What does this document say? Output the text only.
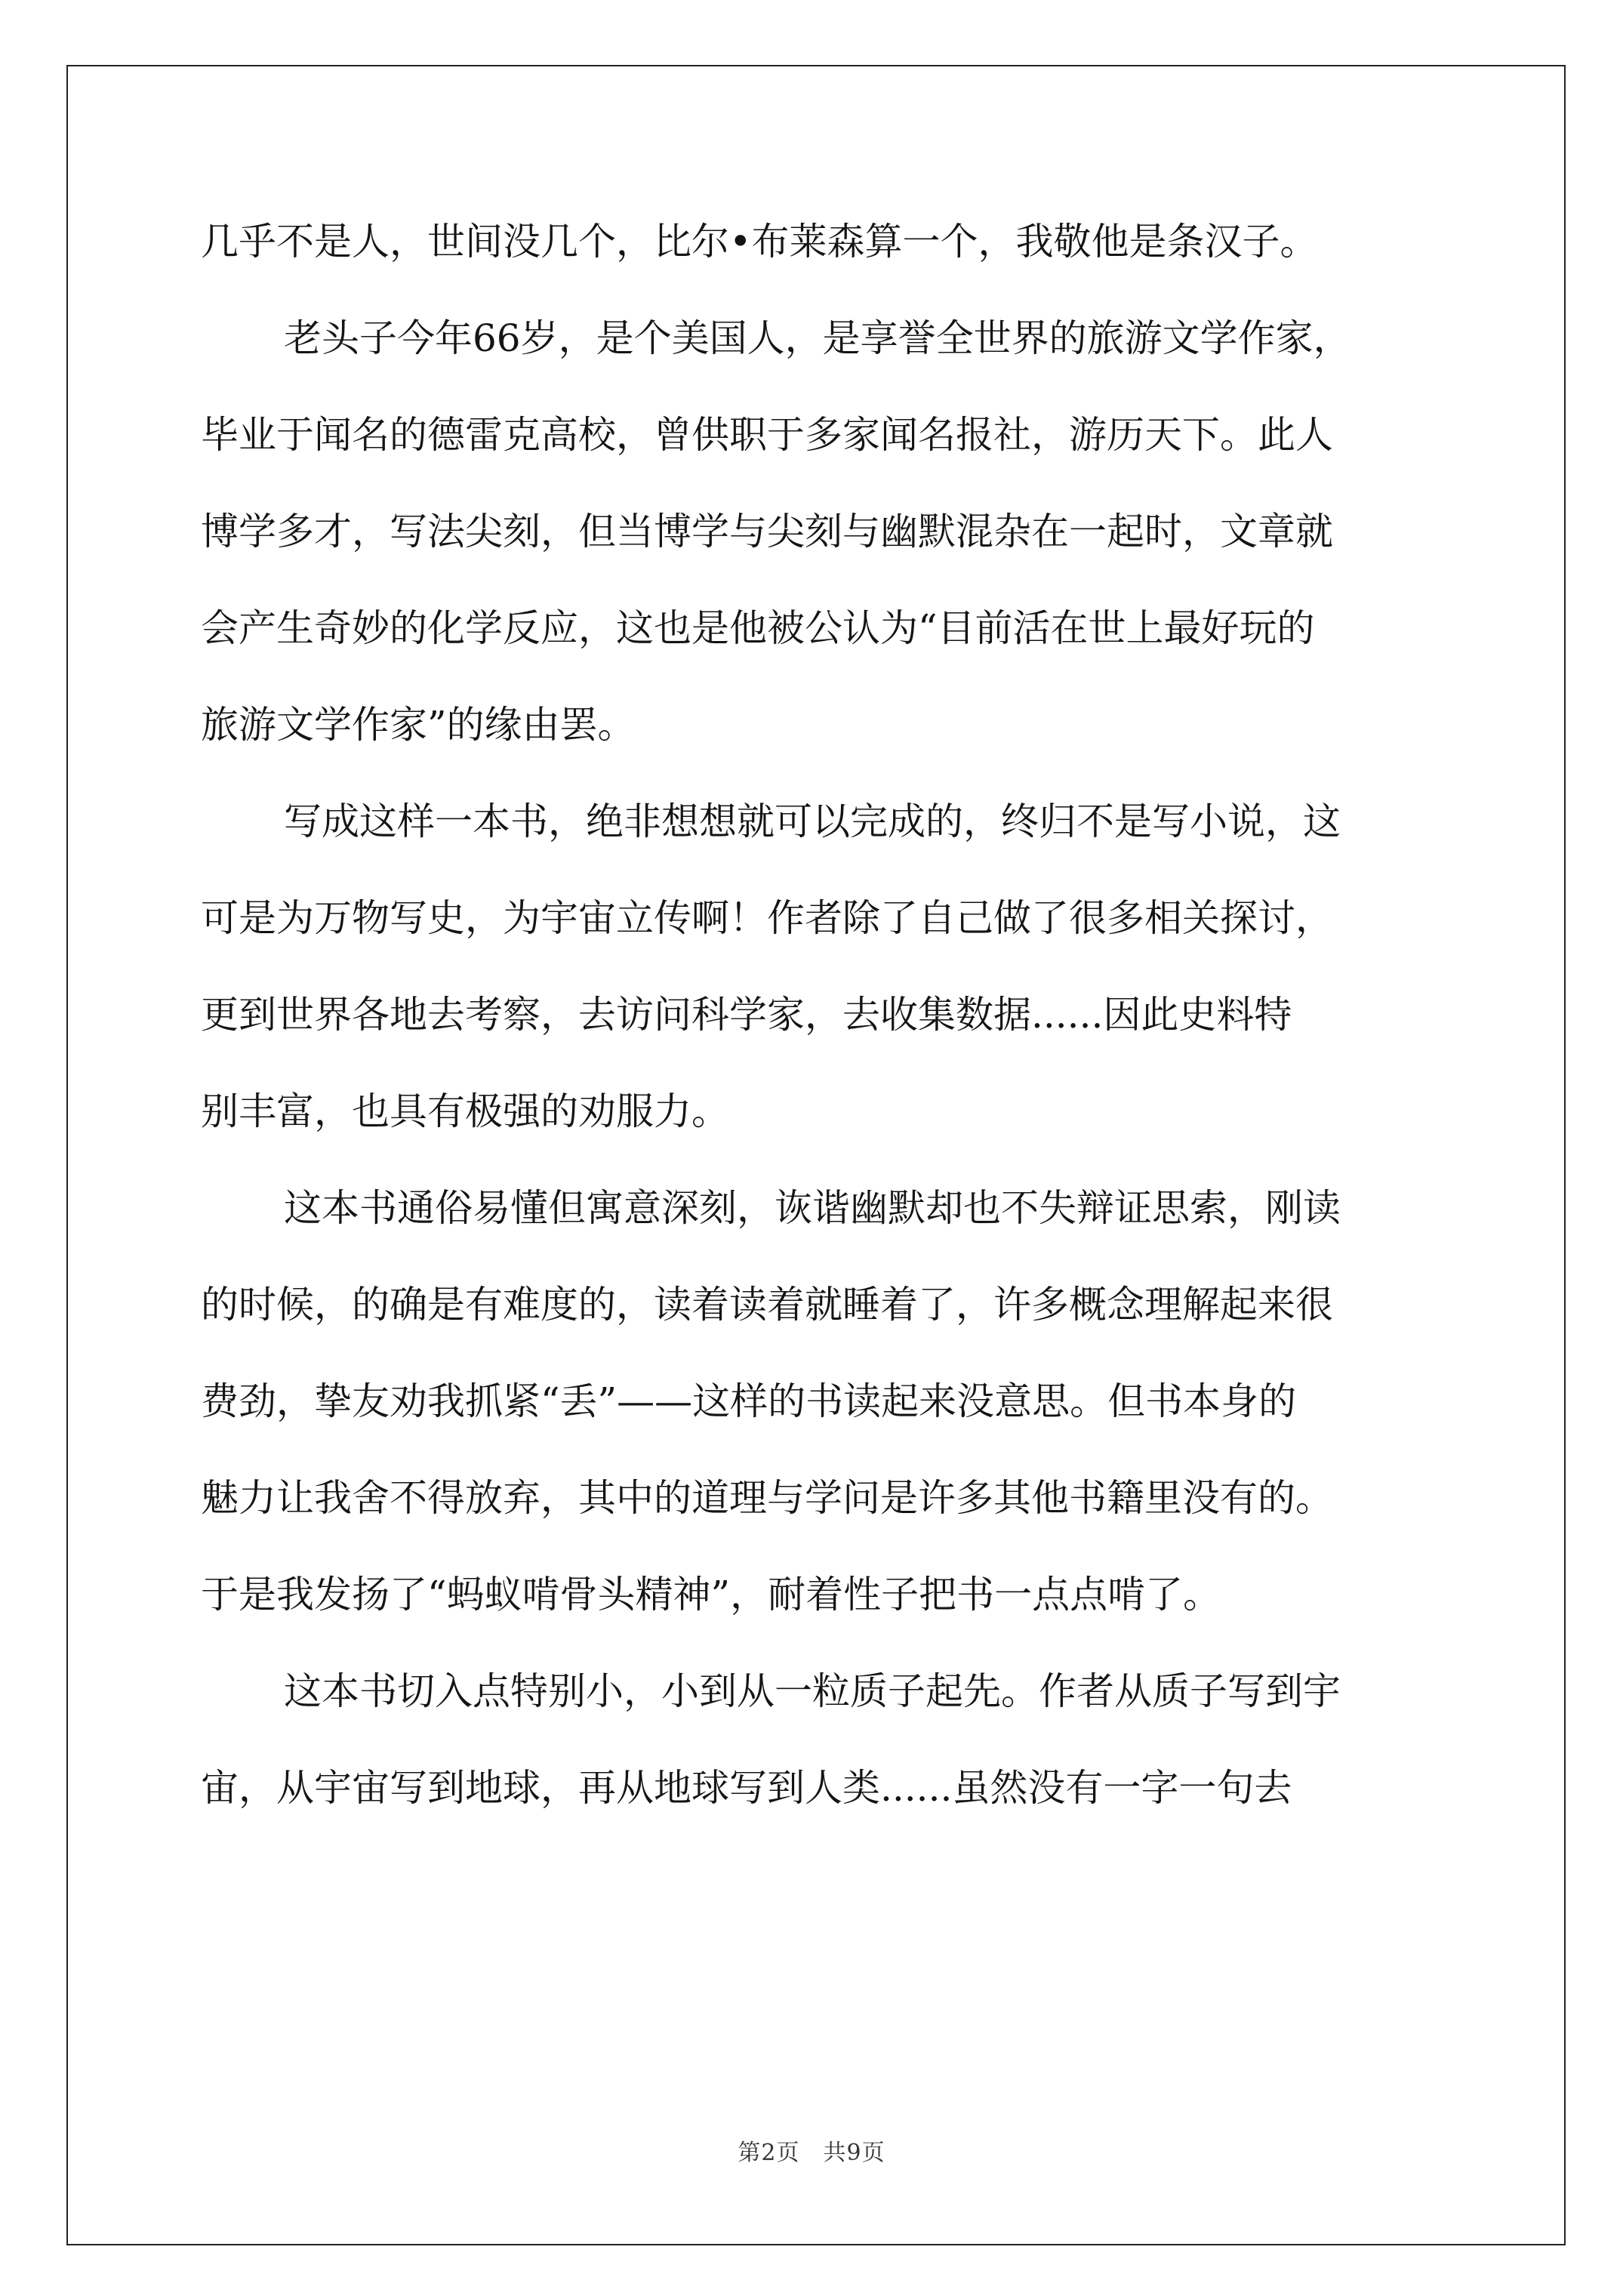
几乎不是人，世间没几个，比尔•布莱森算一个，我敬他是条汉子。
老头子今年66岁，是个美国人，是享誉全世界的旅游文学作家，
毕业于闻名的德雷克高校，曾供职于多家闻名报社，游历天下。此人
博学多才，写法尖刻，但当博学与尖刻与幽默混杂在一起时，文章就
会产生奇妙的化学反应，这也是他被公认为“目前活在世上最好玩的
旅游文学作家”的缘由罢。
写成这样一本书，绝非想想就可以完成的，终归不是写小说，这
可是为万物写史，为宇宙立传啊！作者除了自己做了很多相关探讨，
更到世界各地去考察，去访问科学家，去收集数据......因此史料特
别丰富，也具有极强的劝服力。
这本书通俗易懂但寓意深刻，诙谐幽默却也不失辩证思索，刚读
的时候，的确是有难度的，读着读着就睡着了，许多概念理解起来很
费劲，挚友劝我抓紧“丢”——这样的书读起来没意思。但书本身的
魅力让我舍不得放弃，其中的道理与学问是许多其他书籍里没有的。
于是我发扬了“蚂蚁啃骨头精神”，耐着性子把书一点点啃了。
这本书切入点特别小，小到从一粒质子起先。作者从质子写到宇
宙，从宇宙写到地球，再从地球写到人类......虽然没有一字一句去
第2页　共9页
